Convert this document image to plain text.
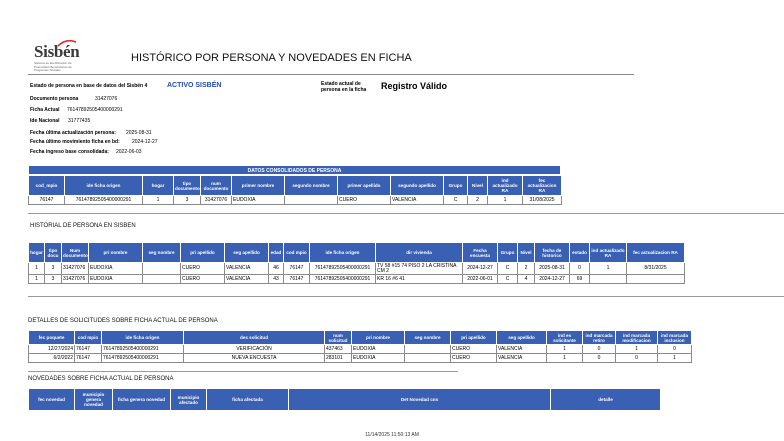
Sisbén
Sistema de Identificación de Potenciales Beneficiarios de Programas Sociales
HISTÓRICO POR PERSONA Y NOVEDADES EN FICHA
Estado de persona en base de datos del Sisbén 4	ACTIVO SISBÉN	Estado actual de persona en la ficha	Registro Válido
Documento persona	31427076
Ficha Actual 76147892505400000291
Ide Nacional 31777435
Fecha última actualización persona: 2025-08-31
Fecha último movimiento ficha en bd: 2024-12-27
Fecha ingreso base consolidada: 2022-06-03
DATOS CONSOLIDADOS DE PERSONA
cod_mpio	ide ficha origen	hogar	tipo documento	num documento	primer nombre	segundo nombre	primer apellido	segundo apellido	Grupo	Nivel	ind actualizado RA	fec actualizacion RA
76147	76147892505400000291	1	3	31427076	EUDOXIA		CUERO	VALENCIA	C	2	1	31/08/2025
HISTORIAL DE PERSONA EN SISBEN
hogar	tipo docu	Num documento	pri nombre	seg nombre	pri apellido	seg apellido	edad	cod mpio	ide ficha origen	dir vivienda	Fecha encuesta	Grupo	Nivel	fecha de historico	estado	ind actualizado RA	fec actualizacion RA
1	3	31427076	EUDOXIA		CUERO	VALENCIA	46	76147	76147892505400000291	TV 58 #15 74 PISO 2 LA CRISTINA CM 2	2024-12-27	C	2	2025-08-31	0	1	8/31/2025
1	3	31427076	EUDOXIA		CUERO	VALENCIA	43	76147	76147892505400000291	KR 16 #6 41	2022-06-01	C	4	2024-12-27	69		
DETALLES DE SOLICITUDES SOBRE FICHA ACTUAL DE PERSONA
fec poquete	cod mpio	ide ficha origen	des solicitud	num solicitud	pri nombre	seg nombre	pri apellido	seg apellido	ind es solicitante	ind marcada retiro	ind marcada modificacion	ind marcada inclusion
12/27/2024	76147	76147892505400000291	VERIFICACIÓN	437463	EUDOXIA		CUERO	VALENCIA	1	0	1	0
6/2/2022	76147	76147892505400000291	NUEVA ENCUESTA	283101	EUDOXIA		CUERO	VALENCIA	1	0	0	1
NOVEDADES SOBRE FICHA ACTUAL DE PERSONA
fec novedad	municipio genera novedad	ficha genera novedad	municipio afectado	ficha afectada	Det Novedad cns	detalle
11/14/2025 11:50:13 AM
